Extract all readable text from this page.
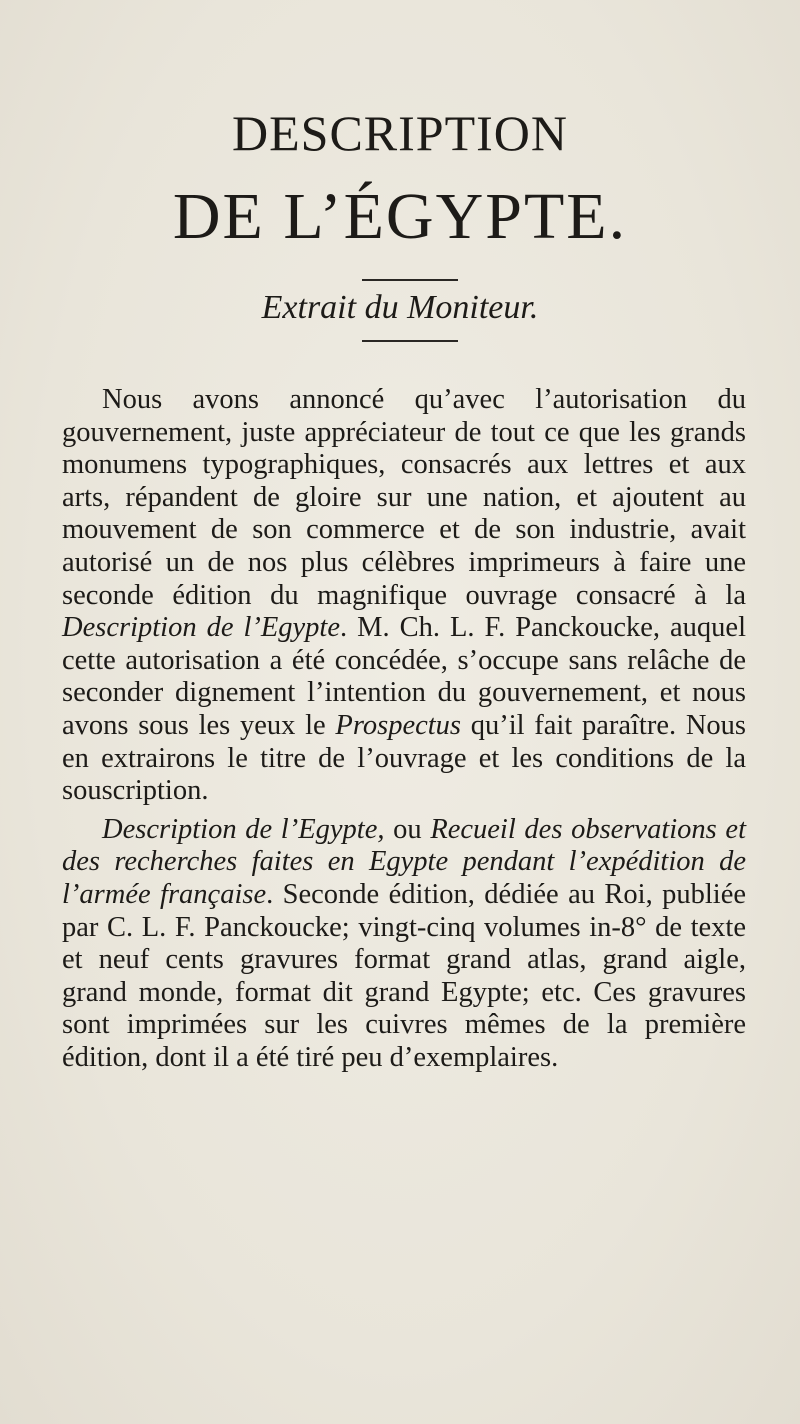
DESCRIPTION
DE L’ÉGYPTE.
Extrait du Moniteur.

Nous avons annoncé qu’avec l’autorisation du gouvernement, juste appréciateur de tout ce que les grands monumens typographiques, consacrés aux lettres et aux arts, répandent de gloire sur une nation, et ajoutent au mouvement de son commerce et de son industrie, avait autorisé un de nos plus célèbres imprimeurs à faire une seconde édition du magnifique ouvrage consacré à la Description de l’Egypte. M. Ch. L. F. Panckoucke, auquel cette autorisation a été concédée, s’occupe sans relâche de seconder dignement l’intention du gouvernement, et nous avons sous les yeux le Prospectus qu’il fait paraître. Nous en extrairons le titre de l’ouvrage et les conditions de la souscription.

Description de l’Egypte, ou Recueil des observations et des recherches faites en Egypte pendant l’expédition de l’armée française. Seconde édition, dédiée au Roi, publiée par C. L. F. Panckoucke; vingt-cinq volumes in-8° de texte et neuf cents gravures format grand atlas, grand aigle, grand monde, format dit grand Egypte; etc. Ces gravures sont imprimées sur les cuivres mêmes de la première édition, dont il a été tiré peu d’exemplaires.
